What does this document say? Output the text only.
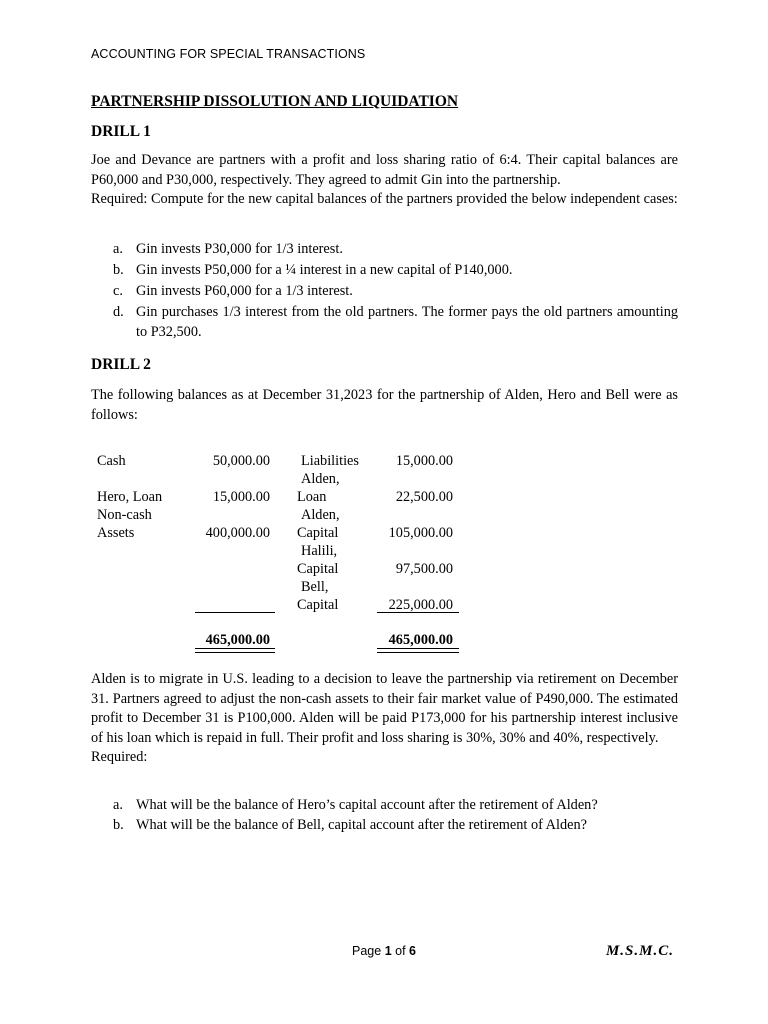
ACCOUNTING FOR SPECIAL TRANSACTIONS
PARTNERSHIP DISSOLUTION AND LIQUIDATION
DRILL 1
Joe and Devance are partners with a profit and loss sharing ratio of 6:4. Their capital balances are P60,000 and P30,000, respectively. They agreed to admit Gin into the partnership.
Required: Compute for the new capital balances of the partners provided the below independent cases:
a. Gin invests P30,000 for 1/3 interest.
b. Gin invests P50,000 for a ¼ interest in a new capital of P140,000.
c. Gin invests P60,000 for a 1/3 interest.
d. Gin purchases 1/3 interest from the old partners. The former pays the old partners amounting to P32,500.
DRILL 2
The following balances as at December 31,2023 for the partnership of Alden, Hero and Bell were as follows:
Cash
Hero, Loan
Non-cash
Assets
50,000.00
15,000.00
400,000.00
Liabilities
Alden,
Loan
Alden,
Capital
Halili,
Capital
Bell,
Capital
15,000.00
22,500.00
105,000.00
97,500.00
225,000.00
465,000.00	465,000.00
Alden is to migrate in U.S. leading to a decision to leave the partnership via retirement on December 31. Partners agreed to adjust the non-cash assets to their fair market value of P490,000. The estimated profit to December 31 is P100,000. Alden will be paid P173,000 for his partnership interest inclusive of his loan which is repaid in full. Their profit and loss sharing is 30%, 30% and 40%, respectively.
Required:
a. What will be the balance of Hero’s capital account after the retirement of Alden?
b. What will be the balance of Bell, capital account after the retirement of Alden?
Page 1 of 6	M.S.M.C.
